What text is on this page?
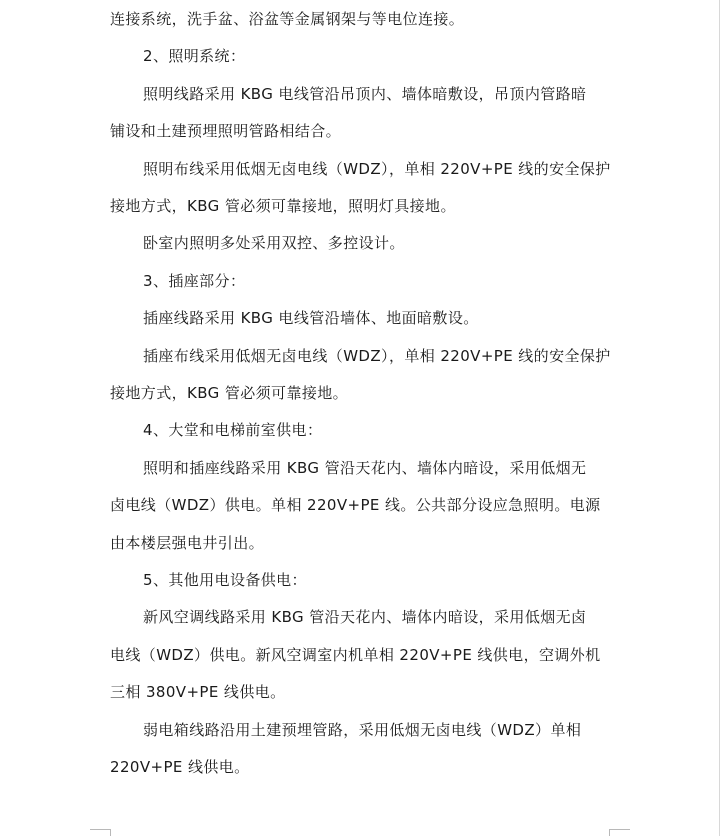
连接系统，洗手盆、浴盆等金属钢架与等电位连接。
2、照明系统：
照明线路采用 KBG 电线管沿吊顶内、墙体暗敷设，吊顶内管路暗
铺设和土建预埋照明管路相结合。
照明布线采用低烟无卤电线（WDZ），单相 220V+PE 线的安全保护
接地方式，KBG 管必须可靠接地，照明灯具接地。
卧室内照明多处采用双控、多控设计。
3、插座部分：
插座线路采用 KBG 电线管沿墙体、地面暗敷设。
插座布线采用低烟无卤电线（WDZ），单相 220V+PE 线的安全保护
接地方式，KBG 管必须可靠接地。
4、大堂和电梯前室供电：
照明和插座线路采用 KBG 管沿天花内、墙体内暗设，采用低烟无
卤电线（WDZ）供电。单相 220V+PE 线。公共部分设应急照明。电源
由本楼层强电井引出。
5、其他用电设备供电：
新风空调线路采用 KBG 管沿天花内、墙体内暗设，采用低烟无卤
电线（WDZ）供电。新风空调室内机单相 220V+PE 线供电，空调外机
三相 380V+PE 线供电。
弱电箱线路沿用土建预埋管路，采用低烟无卤电线（WDZ）单相
220V+PE 线供电。
